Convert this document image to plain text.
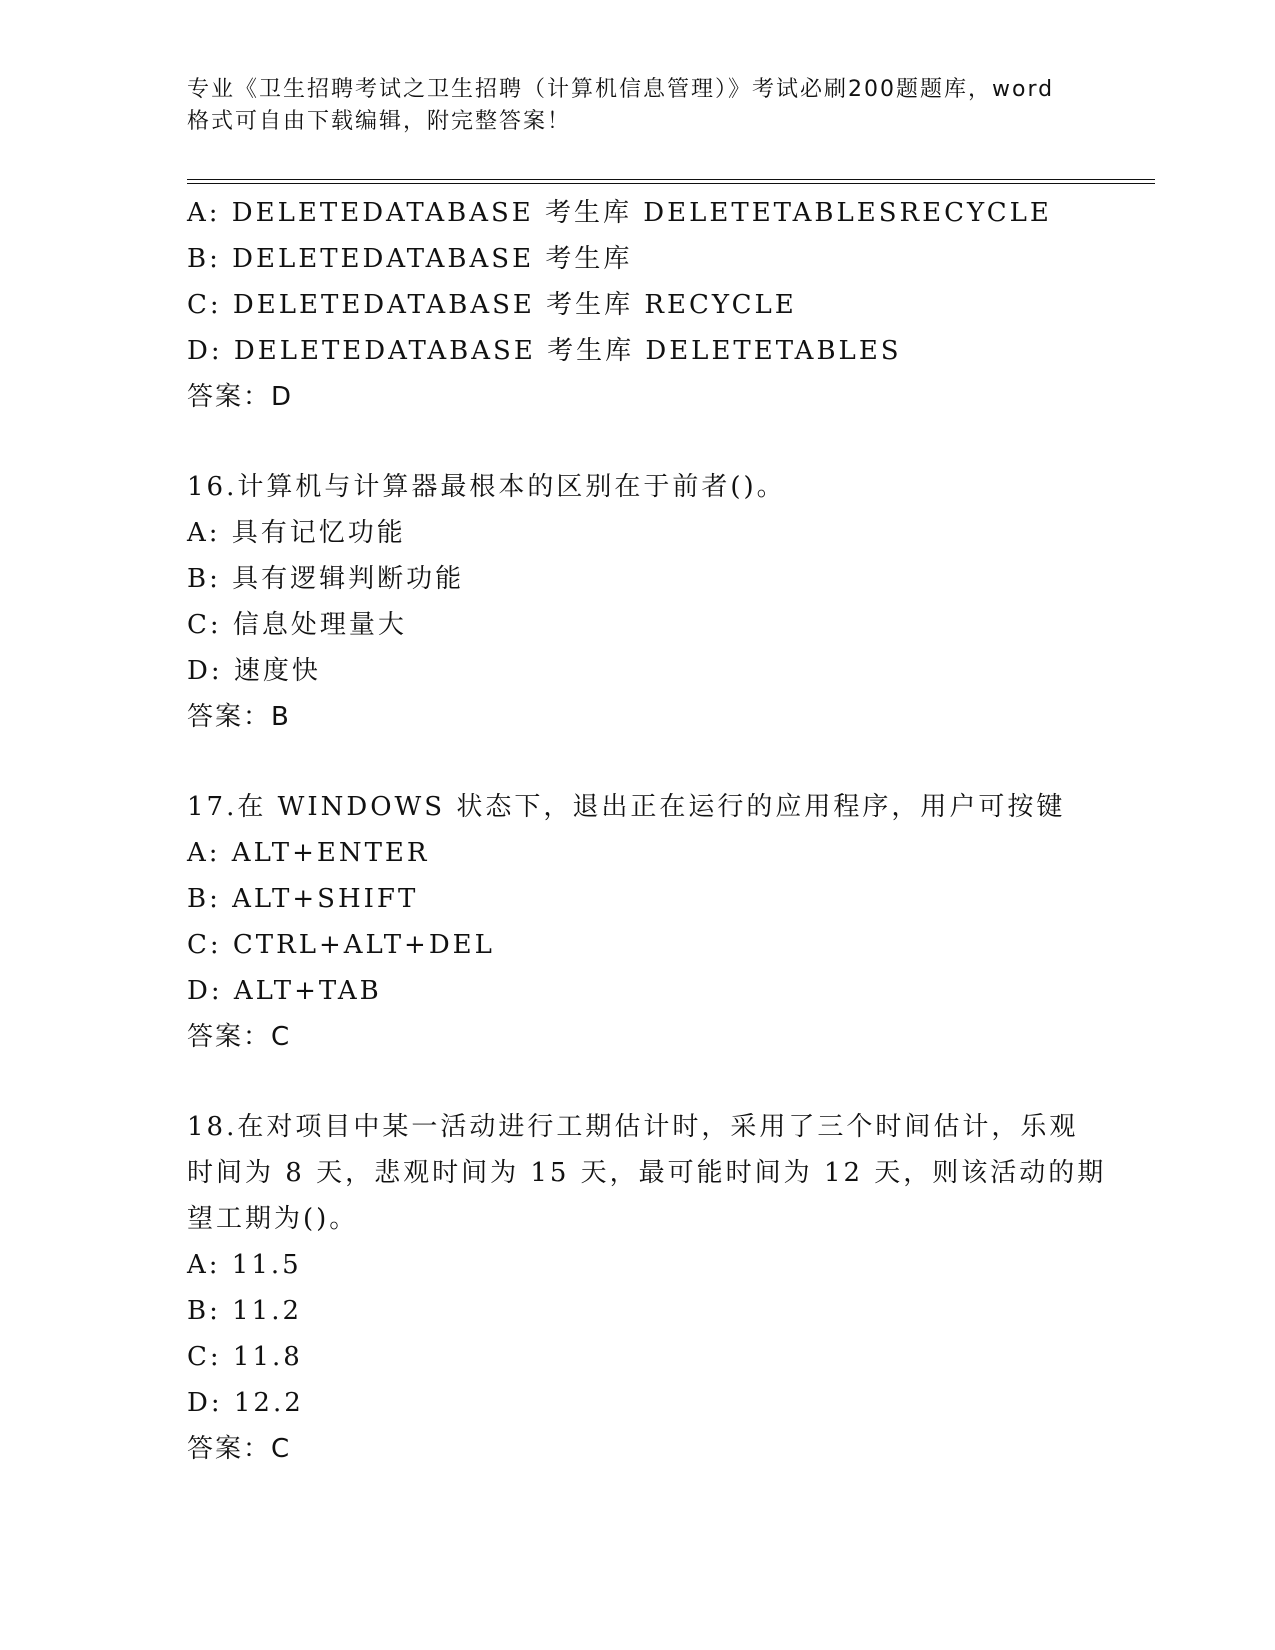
专业《卫生招聘考试之卫生招聘（计算机信息管理）》考试必刷200题题库，word
格式可自由下载编辑，附完整答案！
A: DELETEDATABASE 考生库 DELETETABLESRECYCLE
B: DELETEDATABASE 考生库
C: DELETEDATABASE 考生库 RECYCLE
D: DELETEDATABASE 考生库 DELETETABLES
答案：D
16.计算机与计算器最根本的区别在于前者()。
A: 具有记忆功能
B: 具有逻辑判断功能
C: 信息处理量大
D: 速度快
答案：B
17.在 WINDOWS 状态下，退出正在运行的应用程序，用户可按键
A: ALT+ENTER
B: ALT+SHIFT
C: CTRL+ALT+DEL
D: ALT+TAB
答案：C
18.在对项目中某一活动进行工期估计时，采用了三个时间估计，乐观
时间为 8 天，悲观时间为 15 天，最可能时间为 12 天，则该活动的期
望工期为()。
A: 11.5
B: 11.2
C: 11.8
D: 12.2
答案：C
